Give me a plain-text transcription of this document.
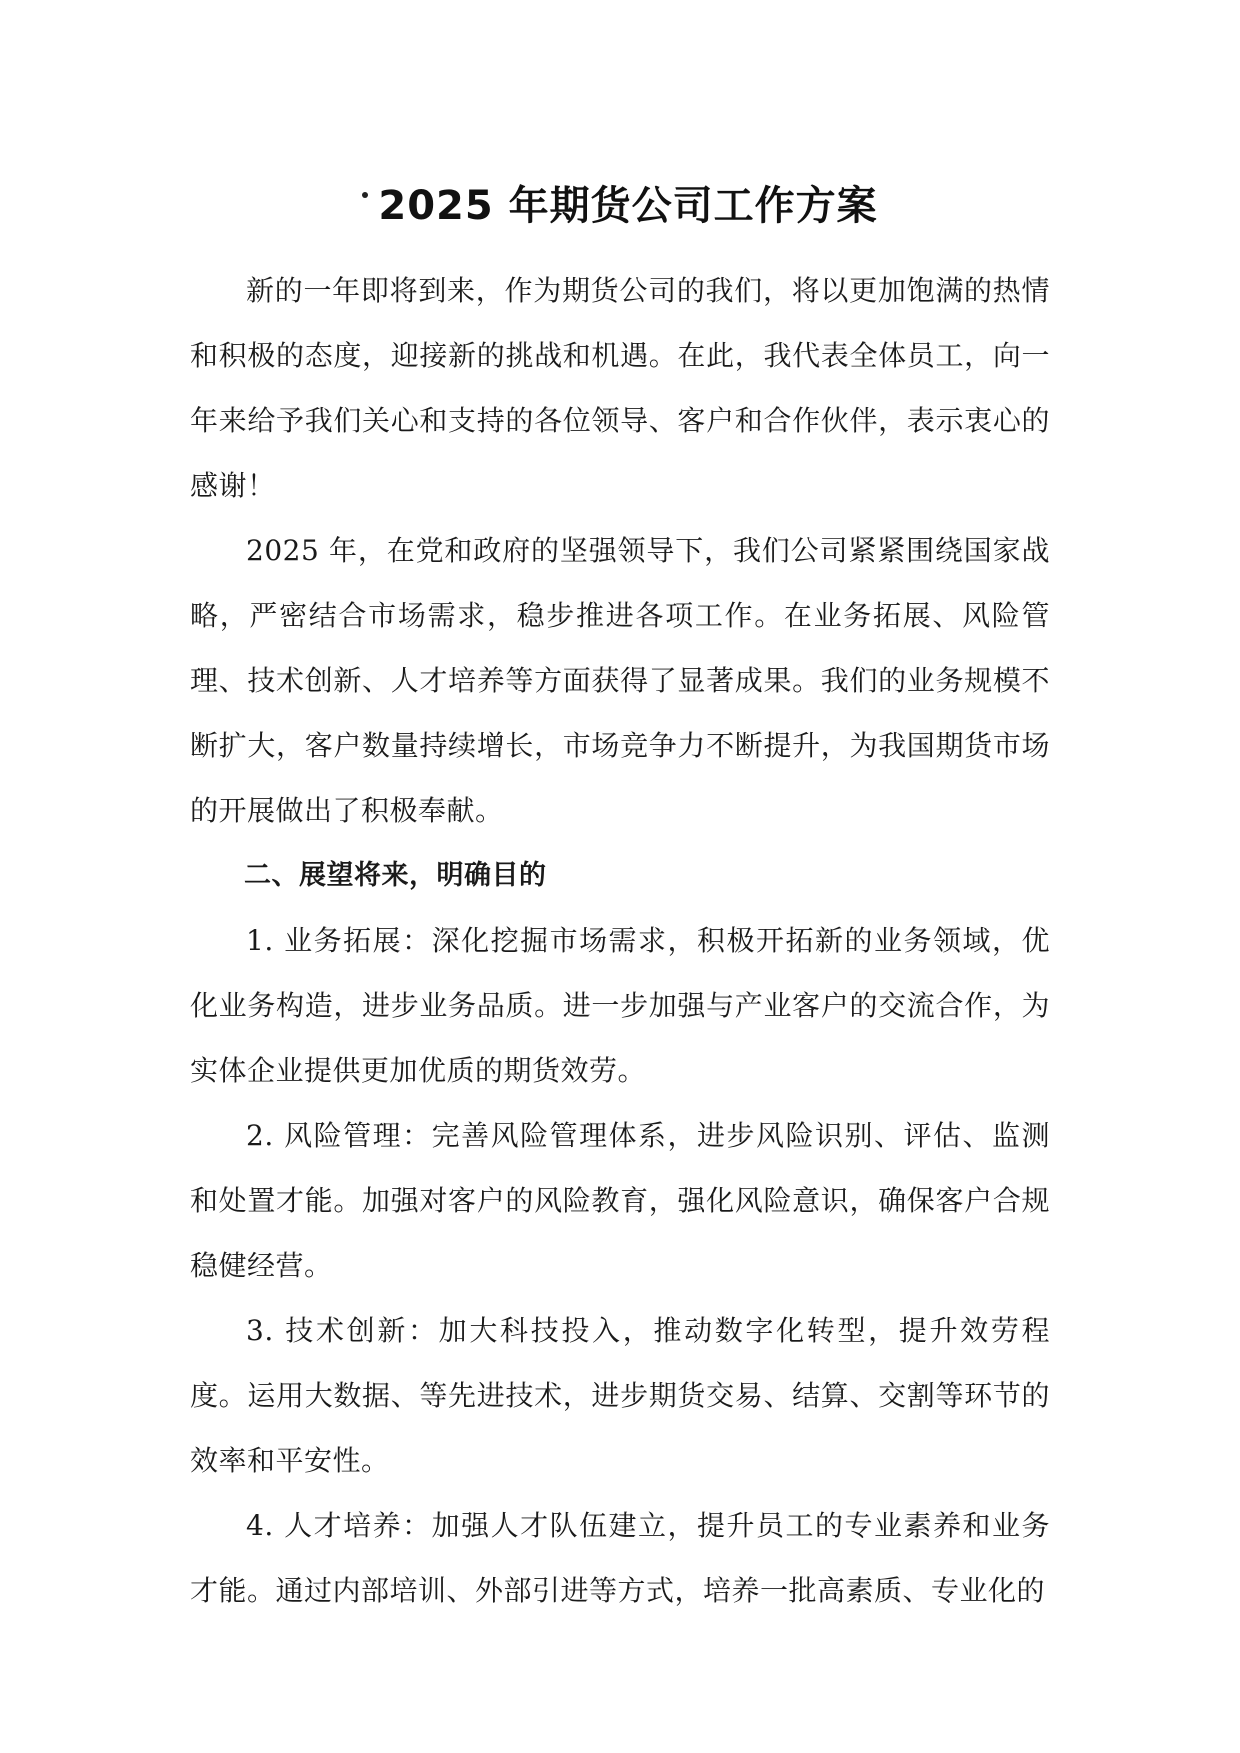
2025 年期货公司工作方案

新的一年即将到来，作为期货公司的我们，将以更加饱满的热情和积极的态度，迎接新的挑战和机遇。在此，我代表全体员工，向一年来给予我们关心和支持的各位领导、客户和合作伙伴，表示衷心的感谢！

2025 年，在党和政府的坚强领导下，我们公司紧紧围绕国家战略，严密结合市场需求，稳步推进各项工作。在业务拓展、风险管理、技术创新、人才培养等方面获得了显著成果。我们的业务规模不断扩大，客户数量持续增长，市场竞争力不断提升，为我国期货市场的开展做出了积极奉献。

二、展望将来，明确目的

1. 业务拓展：深化挖掘市场需求，积极开拓新的业务领域，优化业务构造，进步业务品质。进一步加强与产业客户的交流合作，为实体企业提供更加优质的期货效劳。

2. 风险管理：完善风险管理体系，进步风险识别、评估、监测和处置才能。加强对客户的风险教育，强化风险意识，确保客户合规稳健经营。

3. 技术创新：加大科技投入，推动数字化转型，提升效劳程度。运用大数据、等先进技术，进步期货交易、结算、交割等环节的效率和平安性。

4. 人才培养：加强人才队伍建立，提升员工的专业素养和业务才能。通过内部培训、外部引进等方式，培养一批高素质、专业化的
